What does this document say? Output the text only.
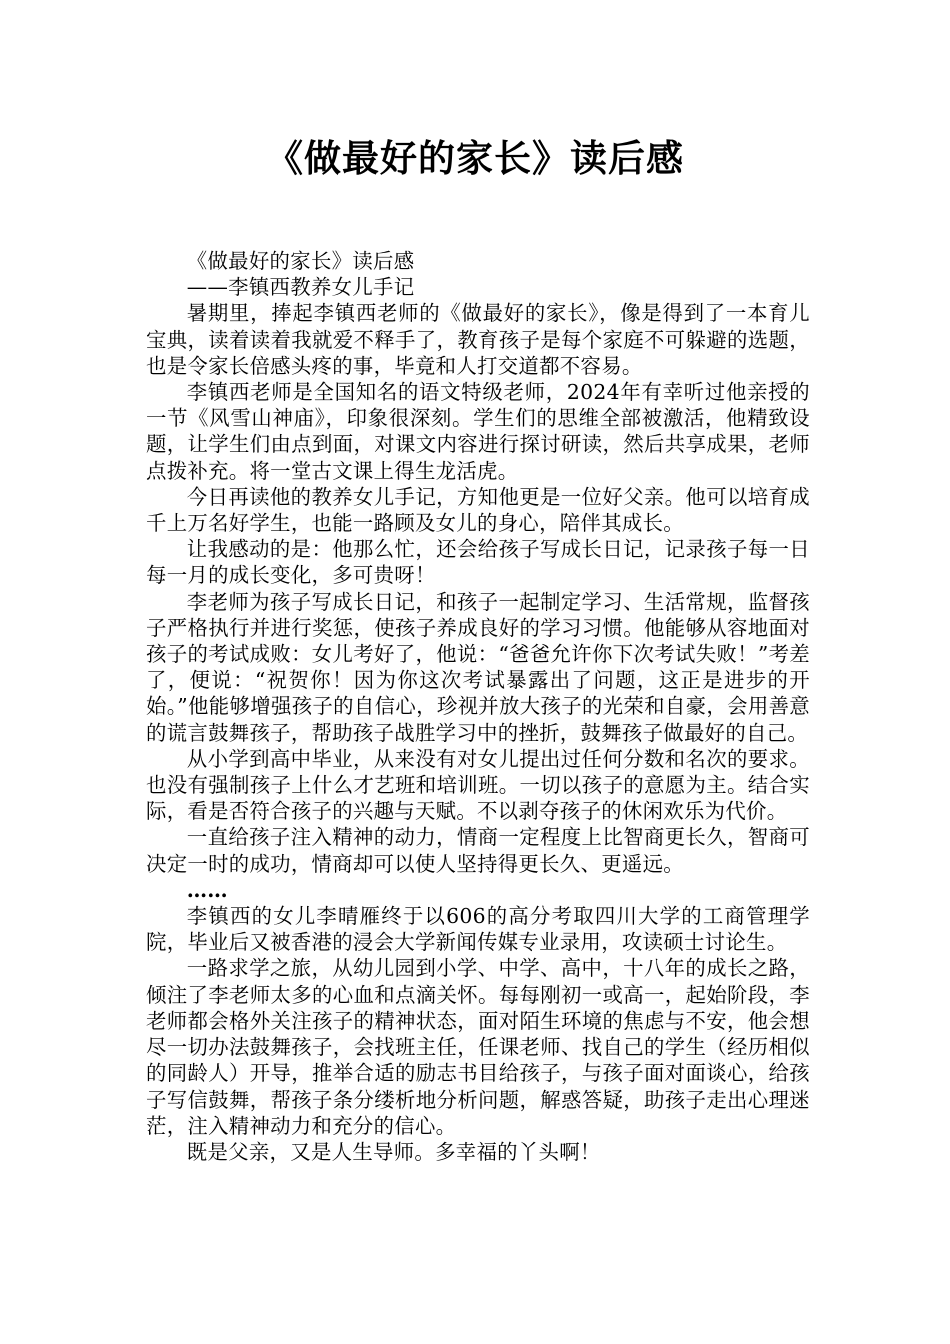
《做最好的家长》读后感

《做最好的家长》读后感

——李镇西教养女儿手记

暑期里，捧起李镇西老师的《做最好的家长》，像是得到了一本育儿宝典，读着读着我就爱不释手了，教育孩子是每个家庭不可躲避的选题，也是令家长倍感头疼的事，毕竟和人打交道都不容易。

李镇西老师是全国知名的语文特级老师，2024年有幸听过他亲授的一节《风雪山神庙》，印象很深刻。学生们的思维全部被激活，他精致设题，让学生们由点到面，对课文内容进行探讨研读，然后共享成果，老师点拨补充。将一堂古文课上得生龙活虎。

今日再读他的教养女儿手记，方知他更是一位好父亲。他可以培育成千上万名好学生，也能一路顾及女儿的身心，陪伴其成长。

让我感动的是：他那么忙，还会给孩子写成长日记，记录孩子每一日每一月的成长变化，多可贵呀！

李老师为孩子写成长日记，和孩子一起制定学习、生活常规，监督孩子严格执行并进行奖惩，使孩子养成良好的学习习惯。他能够从容地面对孩子的考试成败：女儿考好了，他说：“爸爸允许你下次考试失败！”考差了，便说：“祝贺你！因为你这次考试暴露出了问题，这正是进步的开始。”他能够增强孩子的自信心，珍视并放大孩子的光荣和自豪，会用善意的谎言鼓舞孩子，帮助孩子战胜学习中的挫折，鼓舞孩子做最好的自己。

从小学到高中毕业，从来没有对女儿提出过任何分数和名次的要求。也没有强制孩子上什么才艺班和培训班。一切以孩子的意愿为主。结合实际，看是否符合孩子的兴趣与天赋。不以剥夺孩子的休闲欢乐为代价。

一直给孩子注入精神的动力，情商一定程度上比智商更长久，智商可决定一时的成功，情商却可以使人坚持得更长久、更遥远。

……

李镇西的女儿李晴雁终于以606的高分考取四川大学的工商管理学院，毕业后又被香港的浸会大学新闻传媒专业录用，攻读硕士讨论生。

一路求学之旅，从幼儿园到小学、中学、高中，十八年的成长之路，倾注了李老师太多的心血和点滴关怀。每每刚初一或高一，起始阶段，李老师都会格外关注孩子的精神状态，面对陌生环境的焦虑与不安，他会想尽一切办法鼓舞孩子，会找班主任，任课老师、找自己的学生（经历相似的同龄人）开导，推举合适的励志书目给孩子，与孩子面对面谈心，给孩子写信鼓舞，帮孩子条分缕析地分析问题，解惑答疑，助孩子走出心理迷茫，注入精神动力和充分的信心。

既是父亲，又是人生导师。多幸福的丫头啊！
